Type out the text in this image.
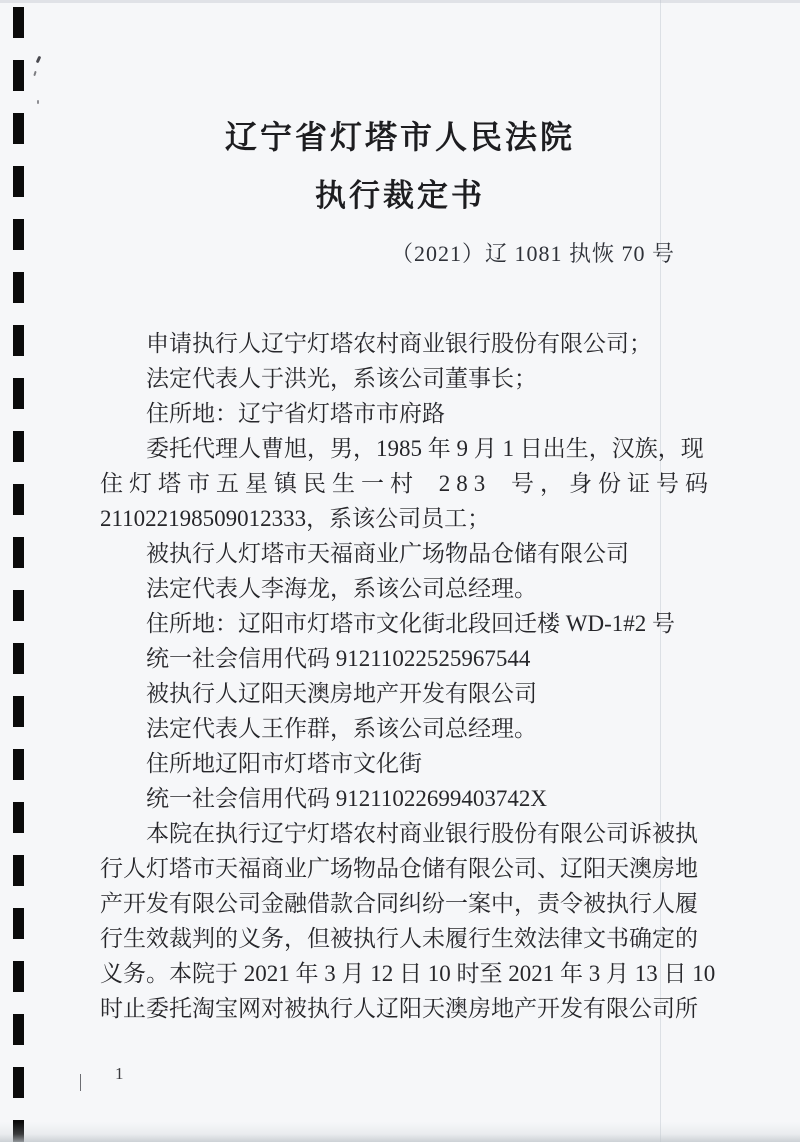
辽宁省灯塔市人民法院
执行裁定书
（2021）辽 1081 执恢 70 号
申请执行人辽宁灯塔农村商业银行股份有限公司；
法定代表人于洪光，系该公司董事长；
住所地：辽宁省灯塔市市府路
委托代理人曹旭，男，1985 年 9 月 1 日出生，汉族，现
住灯塔市五星镇民生一村 283 号，身份证号码
211022198509012333，系该公司员工；
被执行人灯塔市天福商业广场物品仓储有限公司
法定代表人李海龙，系该公司总经理。
住所地：辽阳市灯塔市文化街北段回迁楼 WD-1#2 号
统一社会信用代码 91211022525967544
被执行人辽阳天澳房地产开发有限公司
法定代表人王作群，系该公司总经理。
住所地辽阳市灯塔市文化街
统一社会信用代码 91211022699403742X
本院在执行辽宁灯塔农村商业银行股份有限公司诉被执
行人灯塔市天福商业广场物品仓储有限公司、辽阳天澳房地
产开发有限公司金融借款合同纠纷一案中，责令被执行人履
行生效裁判的义务，但被执行人未履行生效法律文书确定的
义务。本院于 2021 年 3 月 12 日 10 时至 2021 年 3 月 13 日 10
时止委托淘宝网对被执行人辽阳天澳房地产开发有限公司所
1
